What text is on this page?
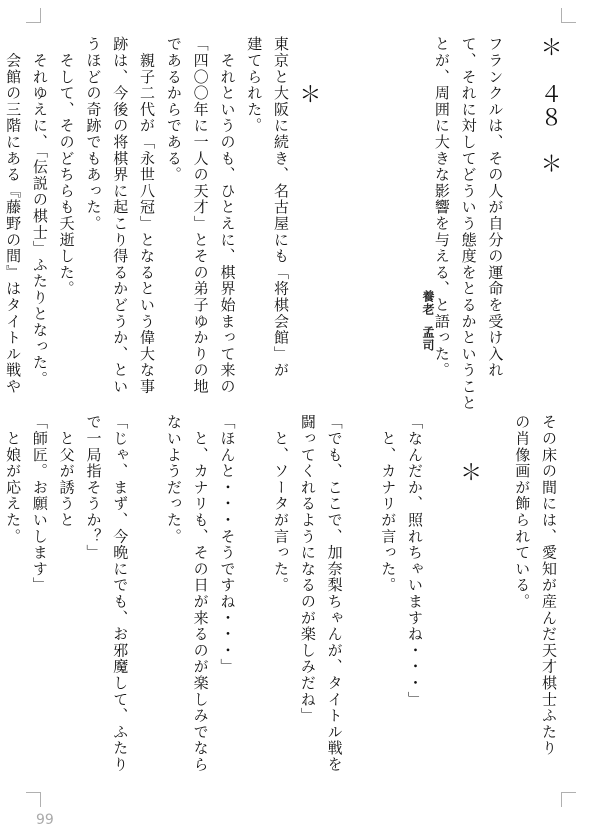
＊　４８　＊

フランクルは、その人が自分の運命を受け入れ
て、それに対してどういう態度をとるかということ
とが、周囲に大きな影響を与える、と語った。

　　＊
東京と大阪に続き、名古屋にも「将棋会館」が
建てられた。
　それというのも、ひとえに、棋界始まって来の
「四〇〇年に一人の天才」とその弟子ゆかりの地
であるからである。
　親子二代が「永世八冠」となるという偉大な事
跡は、今後の将棋界に起こり得るかどうか、とい
うほどの奇跡でもあった。
　そして、そのどちらも夭逝した。
　それゆえに、「伝説の棋士」ふたりとなった。
　会館の三階にある『藤野の間』はタイトル戦や	養老孟司
その床の間には、愛知が産んだ天才棋士ふたり
の肖像画が飾られている。

　　＊

「なんだか、照れちゃいますね・・・」
　と、カナリが言った。

「でも、ここで、加奈梨ちゃんが、タイトル戦を
闘ってくれるようになるのが楽しみだね」
　と、ソータが言った。

「ほんと・・・そうですね・・・」
　と、カナリも、その日が来るのが楽しみでなら
ないようだった。

「じゃ、まず、今晩にでも、お邪魔して、ふたり
で一局指そうか？」
　と父が誘うと
「師匠。お願いします」
　と娘が応えた。
99
